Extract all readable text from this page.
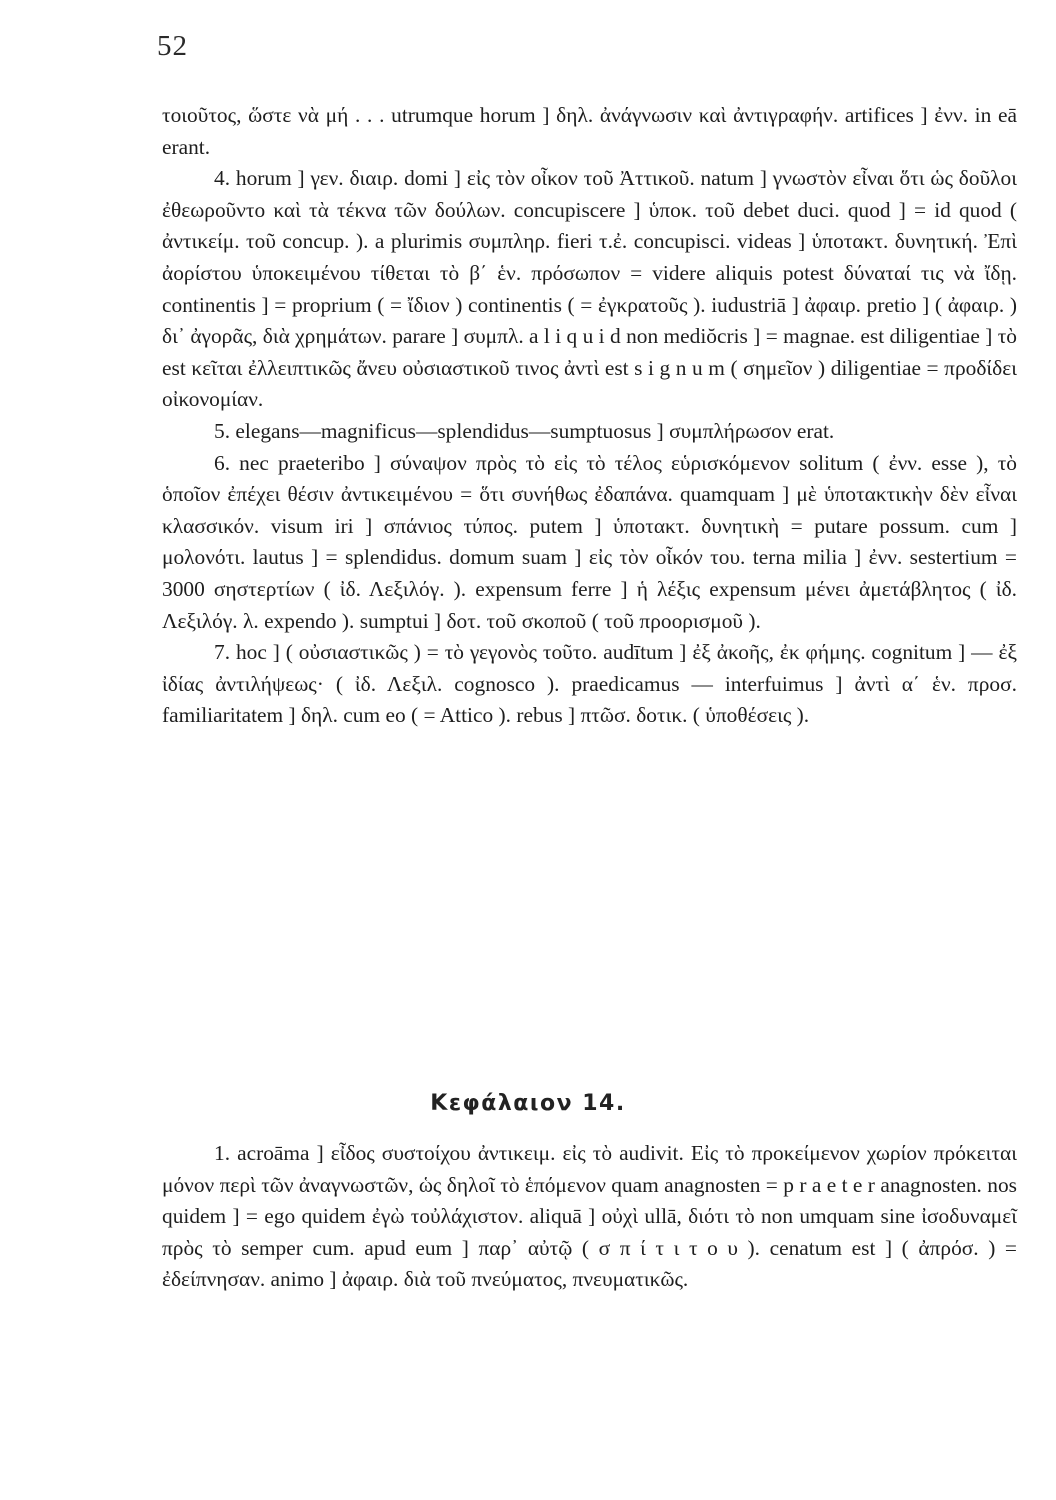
52

τοιοῦτος, ὥστε νὰ μή . . . utrumque horum ] δηλ. ἀνάγνωσιν καὶ ἀντιγραφήν. artifices ] ἐνν. in eā erant.

4. horum ] γεν. διαιρ. domi ] εἰς τὸν οἶκον τοῦ Ἀττικοῦ. natum ] γνωστὸν εἶναι ὅτι ὡς δοῦλοι ἐθεωροῦντο καὶ τὰ τέκνα τῶν δούλων. concupiscere ] ὑποκ. τοῦ debet duci. quod ] = id quod ( ἀντικείμ. τοῦ concup. ). a plurimis συμπληρ. fieri τ.ἐ. concupisci. videas ] ὑποτακτ. δυνητική. Ἐπὶ ἀορίστου ὑποκειμένου τίθεται τὸ β΄ ἑν. πρόσωπον = videre aliquis potest δύναταί τις νὰ ἴδῃ. continentis ] = proprium ( = ἴδιον ) continentis ( = ἐγκρατοῦς ). iudustriā ] ἀφαιρ. pretio ] ( ἀφαιρ. ) δι᾽ ἀγορᾶς, διὰ χρημάτων. parare ] συμπλ. a l i q u i d non mediŏcris ] = magnae. est diligentiae ] τὸ est κεῖται ἐλλειπτικῶς ἄνευ οὐσιαστικοῦ τινος ἀντὶ est s i g n u m ( σημεῖον ) diligentiae = προδίδει οἰκονομίαν.

5. elegans—magnificus—splendidus—sumptuosus ] συμπλήρωσον erat.

6. nec praeteribo ] σύναψον πρὸς τὸ εἰς τὸ τέλος εὑρισκόμενον solitum ( ἐνν. esse ), τὸ ὁποῖον ἐπέχει θέσιν ἀντικειμένου = ὅτι συνήθως ἐδαπάνα. quamquam ] μὲ ὑποτακτικὴν δὲν εἶναι κλασσικόν. visum iri ] σπάνιος τύπος. putem ] ὑποτακτ. δυνητικὴ = putare possum. cum ] μολονότι. lautus ] = splendidus. domum suam ] εἰς τὸν οἶκόν του. terna milia ] ἐνν. sestertium = 3000 σηστερτίων ( ἰδ. Λεξιλόγ. ). expensum ferre ] ἡ λέξις expensum μένει ἀμετάβλητος ( ἰδ. Λεξιλόγ. λ. expendo ). sumptui ] δοτ. τοῦ σκοποῦ ( τοῦ προορισμοῦ ).

7. hoc ] ( οὐσιαστικῶς ) = τὸ γεγονὸς τοῦτο. audītum ] ἐξ ἀκοῆς, ἐκ φήμης. cognitum ] — ἐξ ἰδίας ἀντιλήψεως· ( ἰδ. Λεξιλ. cognosco ). praedicamus — interfuimus ] ἀντὶ α΄ ἑν. προσ. familiaritatem ] δηλ. cum eo ( = Attico ). rebus ] πτῶσ. δοτικ. ( ὑποθέσεις ).

Κεφάλαιον 14.

1. acroāma ] εἶδος συστοίχου ἀντικειμ. εἰς τὸ audivit. Εἰς τὸ προκείμενον χωρίον πρόκειται μόνον περὶ τῶν ἀναγνωστῶν, ὡς δηλοῖ τὸ ἑπόμενον quam anagnosten = p r a e t e r anagnosten. nos quidem ] = ego quidem ἐγὼ τοὐλάχιστον. aliquā ] οὐχὶ ullā, διότι τὸ non umquam sine ἰσοδυναμεῖ πρὸς τὸ semper cum. apud eum ] παρ᾽ αὐτῷ ( σ π ί τ ι τ ο υ ). cenatum est ] ( ἀπρόσ. ) = ἐδείπνησαν. animo ] ἀφαιρ. διὰ τοῦ πνεύματος, πνευματικῶς.
